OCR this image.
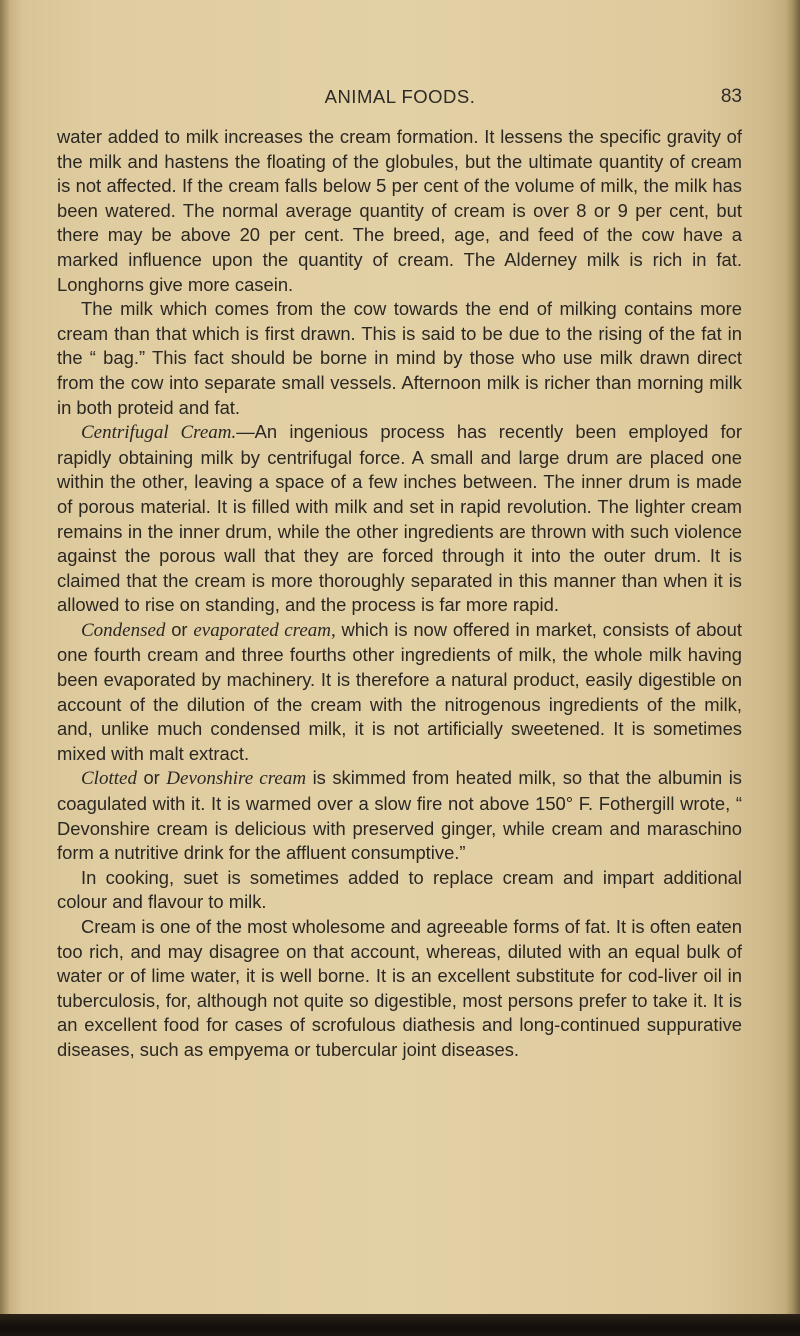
ANIMAL FOODS.	83

water added to milk increases the cream formation. It lessens the specific gravity of the milk and hastens the floating of the globules, but the ultimate quantity of cream is not affected. If the cream falls below 5 per cent of the volume of milk, the milk has been watered. The normal average quantity of cream is over 8 or 9 per cent, but there may be above 20 per cent. The breed, age, and feed of the cow have a marked influence upon the quantity of cream. The Alderney milk is rich in fat. Longhorns give more casein.

The milk which comes from the cow towards the end of milking contains more cream than that which is first drawn. This is said to be due to the rising of the fat in the “ bag.” This fact should be borne in mind by those who use milk drawn direct from the cow into separate small vessels. Afternoon milk is richer than morning milk in both proteid and fat.

Centrifugal Cream.—An ingenious process has recently been employed for rapidly obtaining milk by centrifugal force. A small and large drum are placed one within the other, leaving a space of a few inches between. The inner drum is made of porous material. It is filled with milk and set in rapid revolution. The lighter cream remains in the inner drum, while the other ingredients are thrown with such violence against the porous wall that they are forced through it into the outer drum. It is claimed that the cream is more thoroughly separated in this manner than when it is allowed to rise on standing, and the process is far more rapid.

Condensed or evaporated cream, which is now offered in market, consists of about one fourth cream and three fourths other ingredients of milk, the whole milk having been evaporated by machinery. It is therefore a natural product, easily digestible on account of the dilution of the cream with the nitrogenous ingredients of the milk, and, unlike much condensed milk, it is not artificially sweetened. It is sometimes mixed with malt extract.

Clotted or Devonshire cream is skimmed from heated milk, so that the albumin is coagulated with it. It is warmed over a slow fire not above 150° F. Fothergill wrote, “ Devonshire cream is delicious with preserved ginger, while cream and maraschino form a nutritive drink for the affluent consumptive.”

In cooking, suet is sometimes added to replace cream and impart additional colour and flavour to milk.

Cream is one of the most wholesome and agreeable forms of fat. It is often eaten too rich, and may disagree on that account, whereas, diluted with an equal bulk of water or of lime water, it is well borne. It is an excellent substitute for cod-liver oil in tuberculosis, for, although not quite so digestible, most persons prefer to take it. It is an excellent food for cases of scrofulous diathesis and long-continued suppurative diseases, such as empyema or tubercular joint diseases.
